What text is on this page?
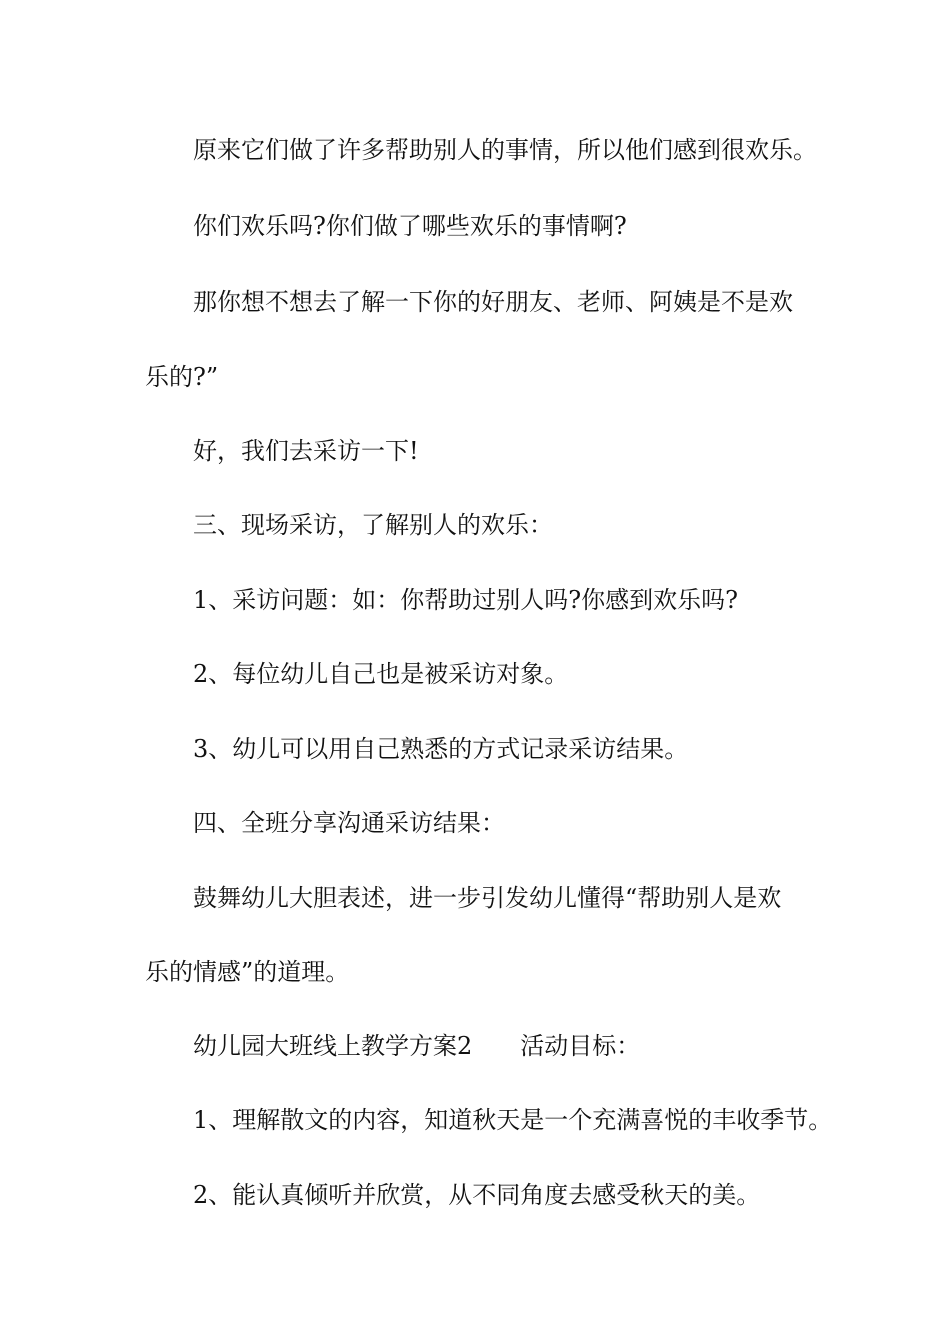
原来它们做了许多帮助别人的事情，所以他们感到很欢乐。
你们欢乐吗?你们做了哪些欢乐的事情啊?
那你想不想去了解一下你的好朋友、老师、阿姨是不是欢
乐的?”
好，我们去采访一下!
三、现场采访，了解别人的欢乐：
1、采访问题：如：你帮助过别人吗?你感到欢乐吗?
2、每位幼儿自己也是被采访对象。
3、幼儿可以用自己熟悉的方式记录采访结果。
四、全班分享沟通采访结果：
鼓舞幼儿大胆表述，进一步引发幼儿懂得“帮助别人是欢
乐的情感”的道理。
幼儿园大班线上教学方案2　　活动目标：
1、理解散文的内容，知道秋天是一个充满喜悦的丰收季节。
2、能认真倾听并欣赏，从不同角度去感受秋天的美。
